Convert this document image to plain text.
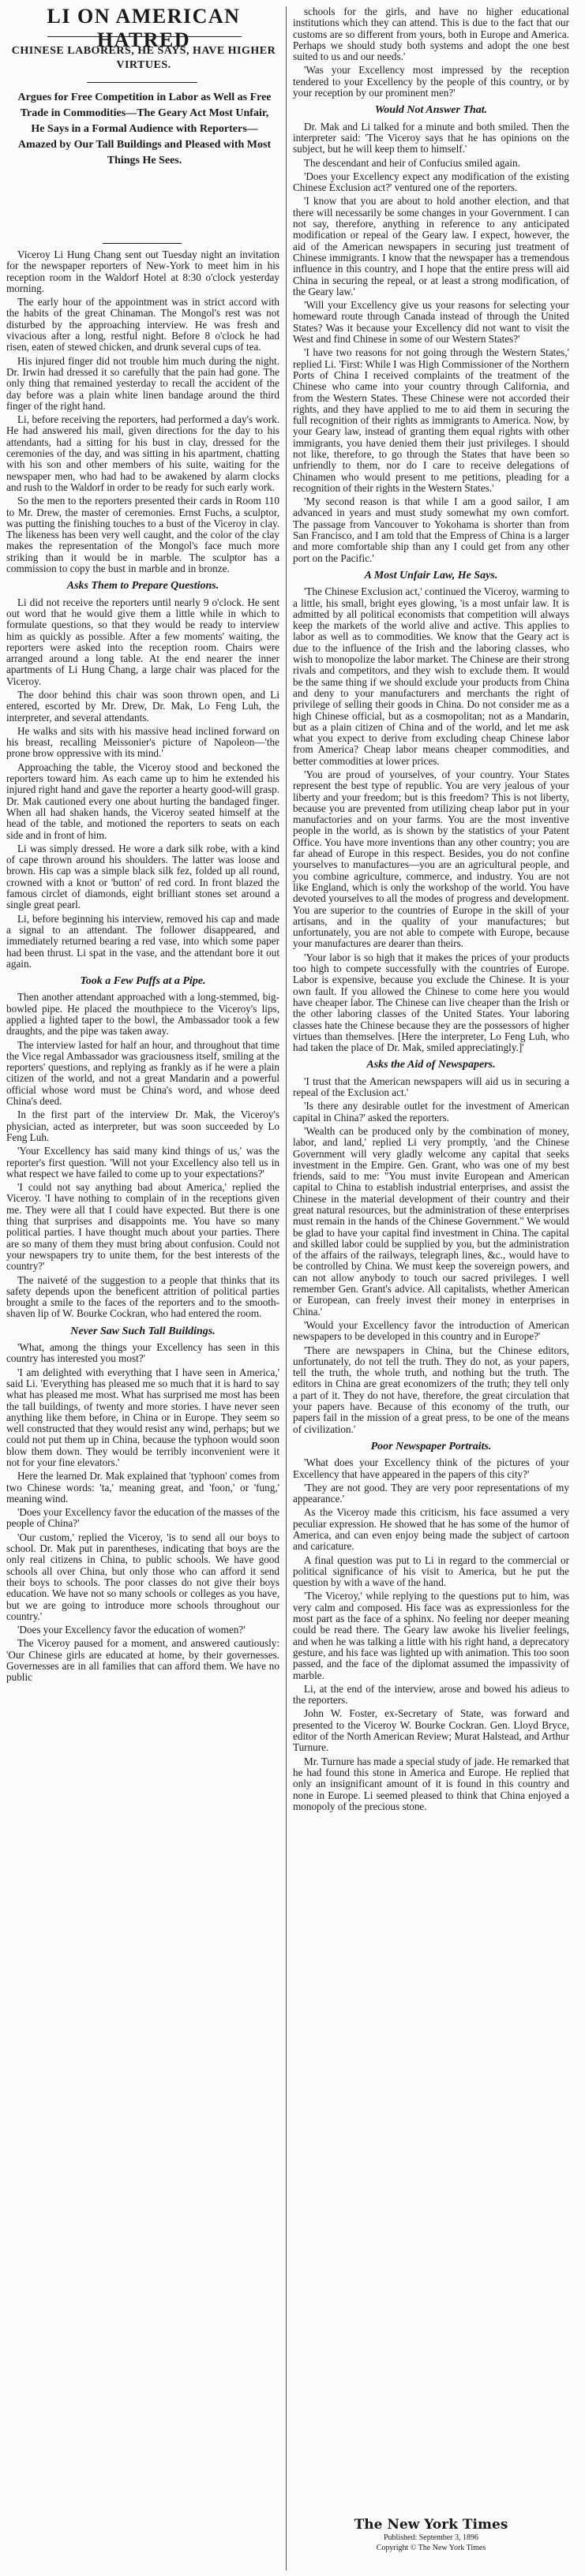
LI ON AMERICAN HATRED
CHINESE LABORERS, HE SAYS, HAVE HIGHER VIRTUES.
Argues for Free Competition in Labor as Well as Free Trade in Commodities—The Geary Act Most Unfair, He Says in a Formal Audience with Reporters—Amazed by Our Tall Buildings and Pleased with Most Things He Sees.

Viceroy Li Hung Chang sent out Tuesday night an invitation for the newspaper reporters of New-York to meet him in his reception room in the Waldorf Hotel at 8:30 o'clock yesterday morning.

The early hour of the appointment was in strict accord with the habits of the great Chinaman. The Mongol's rest was not disturbed by the approaching interview. He was fresh and vivacious after a long, restful night. Before 8 o'clock he had risen, eaten of stewed chicken, and drunk several cups of tea.

His injured finger did not trouble him much during the night. Dr. Irwin had dressed it so carefully that the pain had gone. The only thing that remained yesterday to recall the accident of the day before was a plain white linen bandage around the third finger of the right hand.

Li, before receiving the reporters, had performed a day's work. He had answered his mail, given directions for the day to his attendants, had a sitting for his bust in clay, dressed for the ceremonies of the day, and was sitting in his apartment, chatting with his son and other members of his suite, waiting for the newspaper men, who had had to be awakened by alarm clocks and rush to the Waldorf in order to be ready for such early work.

So the men to the reporters presented their cards in Room 110 to Mr. Drew, the master of ceremonies. Ernst Fuchs, a sculptor, was putting the finishing touches to a bust of the Viceroy in clay. The likeness has been very well caught, and the color of the clay makes the representation of the Mongol's face much more striking than it would be in marble. The sculptor has a commission to copy the bust in marble and in bronze.

Asks Them to Prepare Questions.

Li did not receive the reporters until nearly 9 o'clock. He sent out word that he would give them a little while in which to formulate questions, so that they would be ready to interview him as quickly as possible. After a few moments' waiting, the reporters were asked into the reception room. Chairs were arranged around a long table. At the end nearer the inner apartments of Li Hung Chang, a large chair was placed for the Viceroy.

The door behind this chair was soon thrown open, and Li entered, escorted by Mr. Drew, Dr. Mak, Lo Feng Luh, the interpreter, and several attendants.

He walks and sits with his massive head inclined forward on his breast, recalling Meissonier's picture of Napoleon—'the prone brow oppressive with its mind.'

Approaching the table, the Viceroy stood and beckoned the reporters toward him. As each came up to him he extended his injured right hand and gave the reporter a hearty good-will grasp. Dr. Mak cautioned every one about hurting the bandaged finger. When all had shaken hands, the Viceroy seated himself at the head of the table, and motioned the reporters to seats on each side and in front of him.

Li was simply dressed. He wore a dark silk robe, with a kind of cape thrown around his shoulders. The latter was loose and brown. His cap was a simple black silk fez, folded up all round, crowned with a knot or 'button' of red cord. In front blazed the famous circlet of diamonds, eight brilliant stones set around a single great pearl.

Li, before beginning his interview, removed his cap and made a signal to an attendant. The follower disappeared, and immediately returned bearing a red vase, into which some paper had been thrust. Li spat in the vase, and the attendant bore it out again.

Took a Few Puffs at a Pipe.

Then another attendant approached with a long-stemmed, big-bowled pipe. He placed the mouthpiece to the Viceroy's lips, applied a lighted taper to the bowl, the Ambassador took a few draughts, and the pipe was taken away.

The interview lasted for half an hour, and throughout that time the Vice regal Ambassador was graciousness itself, smiling at the reporters' questions, and replying as frankly as if he were a plain citizen of the world, and not a great Mandarin and a powerful official whose word must be China's word, and whose deed China's deed.

In the first part of the interview Dr. Mak, the Viceroy's physician, acted as interpreter, but was soon succeeded by Lo Feng Luh.

'Your Excellency has said many kind things of us,' was the reporter's first question. 'Will not your Excellency also tell us in what respect we have failed to come up to your expectations?'

'I could not say anything bad about America,' replied the Viceroy. 'I have nothing to complain of in the receptions given me. They were all that I could have expected. But there is one thing that surprises and disappoints me. You have so many political parties. I have thought much about your parties. There are so many of them they must bring about confusion. Could not your newspapers try to unite them, for the best interests of the country?'

The naiveté of the suggestion to a people that thinks that its safety depends upon the beneficent attrition of political parties brought a smile to the faces of the reporters and to the smooth-shaven lip of W. Bourke Cockran, who had entered the room.

Never Saw Such Tall Buildings.

'What, among the things your Excellency has seen in this country has interested you most?'

'I am delighted with everything that I have seen in America,' said Li. 'Everything has pleased me so much that it is hard to say what has pleased me most. What has surprised me most has been the tall buildings, of twenty and more stories. I have never seen anything like them before, in China or in Europe. They seem so well constructed that they would resist any wind, perhaps; but we could not put them up in China, because the typhoon would soon blow them down. They would be terribly inconvenient were it not for your fine elevators.'

Here the learned Dr. Mak explained that 'typhoon' comes from two Chinese words: 'ta,' meaning great, and 'foon,' or 'fung,' meaning wind.

'Does your Excellency favor the education of the masses of the people of China?'

'Our custom,' replied the Viceroy, 'is to send all our boys to school. Dr. Mak put in parentheses, indicating that boys are the only real citizens in China, to public schools. We have good schools all over China, but only those who can afford it send their boys to schools. The poor classes do not give their boys education. We have not so many schools or colleges as you have, but we are going to introduce more schools throughout our country.'

'Does your Excellency favor the education of women?'

The Viceroy paused for a moment, and answered cautiously: 'Our Chinese girls are educated at home, by their governesses. Governesses are in all families that can afford them. We have no public

schools for the girls, and have no higher educational institutions which they can attend. This is due to the fact that our customs are so different from yours, both in Europe and America. Perhaps we should study both systems and adopt the one best suited to us and our needs.'

'Was your Excellency most impressed by the reception tendered to your Excellency by the people of this country, or by your reception by our prominent men?'

Would Not Answer That.

Dr. Mak and Li talked for a minute and both smiled. Then the interpreter said: 'The Viceroy says that he has opinions on the subject, but he will keep them to himself.'

The descendant and heir of Confucius smiled again.

'Does your Excellency expect any modification of the existing Chinese Exclusion act?' ventured one of the reporters.

'I know that you are about to hold another election, and that there will necessarily be some changes in your Government. I can not say, therefore, anything in reference to any anticipated modification or repeal of the Geary law. I expect, however, the aid of the American newspapers in securing just treatment of Chinese immigrants. I know that the newspaper has a tremendous influence in this country, and I hope that the entire press will aid China in securing the repeal, or at least a strong modification, of the Geary law.'

'Will your Excellency give us your reasons for selecting your homeward route through Canada instead of through the United States? Was it because your Excellency did not want to visit the West and find Chinese in some of our Western States?'

'I have two reasons for not going through the Western States,' replied Li. 'First: While I was High Commissioner of the Northern Ports of China I received complaints of the treatment of the Chinese who came into your country through California, and from the Western States. These Chinese were not accorded their rights, and they have applied to me to aid them in securing the full recognition of their rights as immigrants to America. Now, by your Geary law, instead of granting them equal rights with other immigrants, you have denied them their just privileges. I should not like, therefore, to go through the States that have been so unfriendly to them, nor do I care to receive delegations of Chinamen who would present to me petitions, pleading for a recognition of their rights in the Western States.'

'My second reason is that while I am a good sailor, I am advanced in years and must study somewhat my own comfort. The passage from Vancouver to Yokohama is shorter than from San Francisco, and I am told that the Empress of China is a larger and more comfortable ship than any I could get from any other port on the Pacific.'

A Most Unfair Law, He Says.

'The Chinese Exclusion act,' continued the Viceroy, warming to a little, his small, bright eyes glowing, 'is a most unfair law. It is admitted by all political economists that competition will always keep the markets of the world alive and active. This applies to labor as well as to commodities. We know that the Geary act is due to the influence of the Irish and the laboring classes, who wish to monopolize the labor market. The Chinese are their strong rivals and competitors, and they wish to exclude them. It would be the same thing if we should exclude your products from China and deny to your manufacturers and merchants the right of privilege of selling their goods in China. Do not consider me as a high Chinese official, but as a cosmopolitan; not as a Mandarin, but as a plain citizen of China and of the world, and let me ask what you expect to derive from excluding cheap Chinese labor from America? Cheap labor means cheaper commodities, and better commodities at lower prices.

'You are proud of yourselves, of your country. Your States represent the best type of republic. You are very jealous of your liberty and your freedom; but is this freedom? This is not liberty, because you are prevented from utilizing cheap labor put in your manufactories and on your farms. You are the most inventive people in the world, as is shown by the statistics of your Patent Office. You have more inventions than any other country; you are far ahead of Europe in this respect. Besides, you do not confine yourselves to manufactures—you are an agricultural people, and you combine agriculture, commerce, and industry. You are not like England, which is only the workshop of the world. You have devoted yourselves to all the modes of progress and development. You are superior to the countries of Europe in the skill of your artisans, and in the quality of your manufactures; but unfortunately, you are not able to compete with Europe, because your manufactures are dearer than theirs.

'Your labor is so high that it makes the prices of your products too high to compete successfully with the countries of Europe. Labor is expensive, because you exclude the Chinese. It is your own fault. If you allowed the Chinese to come here you would have cheaper labor. The Chinese can live cheaper than the Irish or the other laboring classes of the United States. Your laboring classes hate the Chinese because they are the possessors of higher virtues than themselves. [Here the interpreter, Lo Feng Luh, who had taken the place of Dr. Mak, smiled appreciatingly.]'

Asks the Aid of Newspapers.

'I trust that the American newspapers will aid us in securing a repeal of the Exclusion act.'

'Is there any desirable outlet for the investment of American capital in China?' asked the reporters.

'Wealth can be produced only by the combination of money, labor, and land,' replied Li very promptly, 'and the Chinese Government will very gladly welcome any capital that seeks investment in the Empire. Gen. Grant, who was one of my best friends, said to me: "You must invite European and American capital to China to establish industrial enterprises, and assist the Chinese in the material development of their country and their great natural resources, but the administration of these enterprises must remain in the hands of the Chinese Government." We would be glad to have your capital find investment in China. The capital and skilled labor could be supplied by you, but the administration of the affairs of the railways, telegraph lines, &c., would have to be controlled by China. We must keep the sovereign powers, and can not allow anybody to touch our sacred privileges. I well remember Gen. Grant's advice. All capitalists, whether American or European, can freely invest their money in enterprises in China.'

'Would your Excellency favor the introduction of American newspapers to be developed in this country and in Europe?'

'There are newspapers in China, but the Chinese editors, unfortunately, do not tell the truth. They do not, as your papers, tell the truth, the whole truth, and nothing but the truth. The editors in China are great economizers of the truth; they tell only a part of it. They do not have, therefore, the great circulation that your papers have. Because of this economy of the truth, our papers fail in the mission of a great press, to be one of the means of civilization.'

Poor Newspaper Portraits.

'What does your Excellency think of the pictures of your Excellency that have appeared in the papers of this city?'

'They are not good. They are very poor representations of my appearance.'

As the Viceroy made this criticism, his face assumed a very peculiar expression. He showed that he has some of the humor of America, and can even enjoy being made the subject of cartoon and caricature.

A final question was put to Li in regard to the commercial or political significance of his visit to America, but he put the question by with a wave of the hand.

'The Viceroy,' while replying to the questions put to him, was very calm and composed. His face was as expressionless for the most part as the face of a sphinx. No feeling nor deeper meaning could be read there. The Geary law awoke his livelier feelings, and when he was talking a little with his right hand, a deprecatory gesture, and his face was lighted up with animation. This too soon passed, and the face of the diplomat assumed the impassivity of marble.

Li, at the end of the interview, arose and bowed his adieus to the reporters.

John W. Foster, ex-Secretary of State, was forward and presented to the Viceroy W. Bourke Cockran. Gen. Lloyd Bryce, editor of the North American Review; Murat Halstead, and Arthur Turnure.

Mr. Turnure has made a special study of jade. He remarked that he had found this stone in America and Europe. He replied that only an insignificant amount of it is found in this country and none in Europe. Li seemed pleased to think that China enjoyed a monopoly of the precious stone.

The New York Times
Published: September 3, 1896
Copyright © The New York Times
